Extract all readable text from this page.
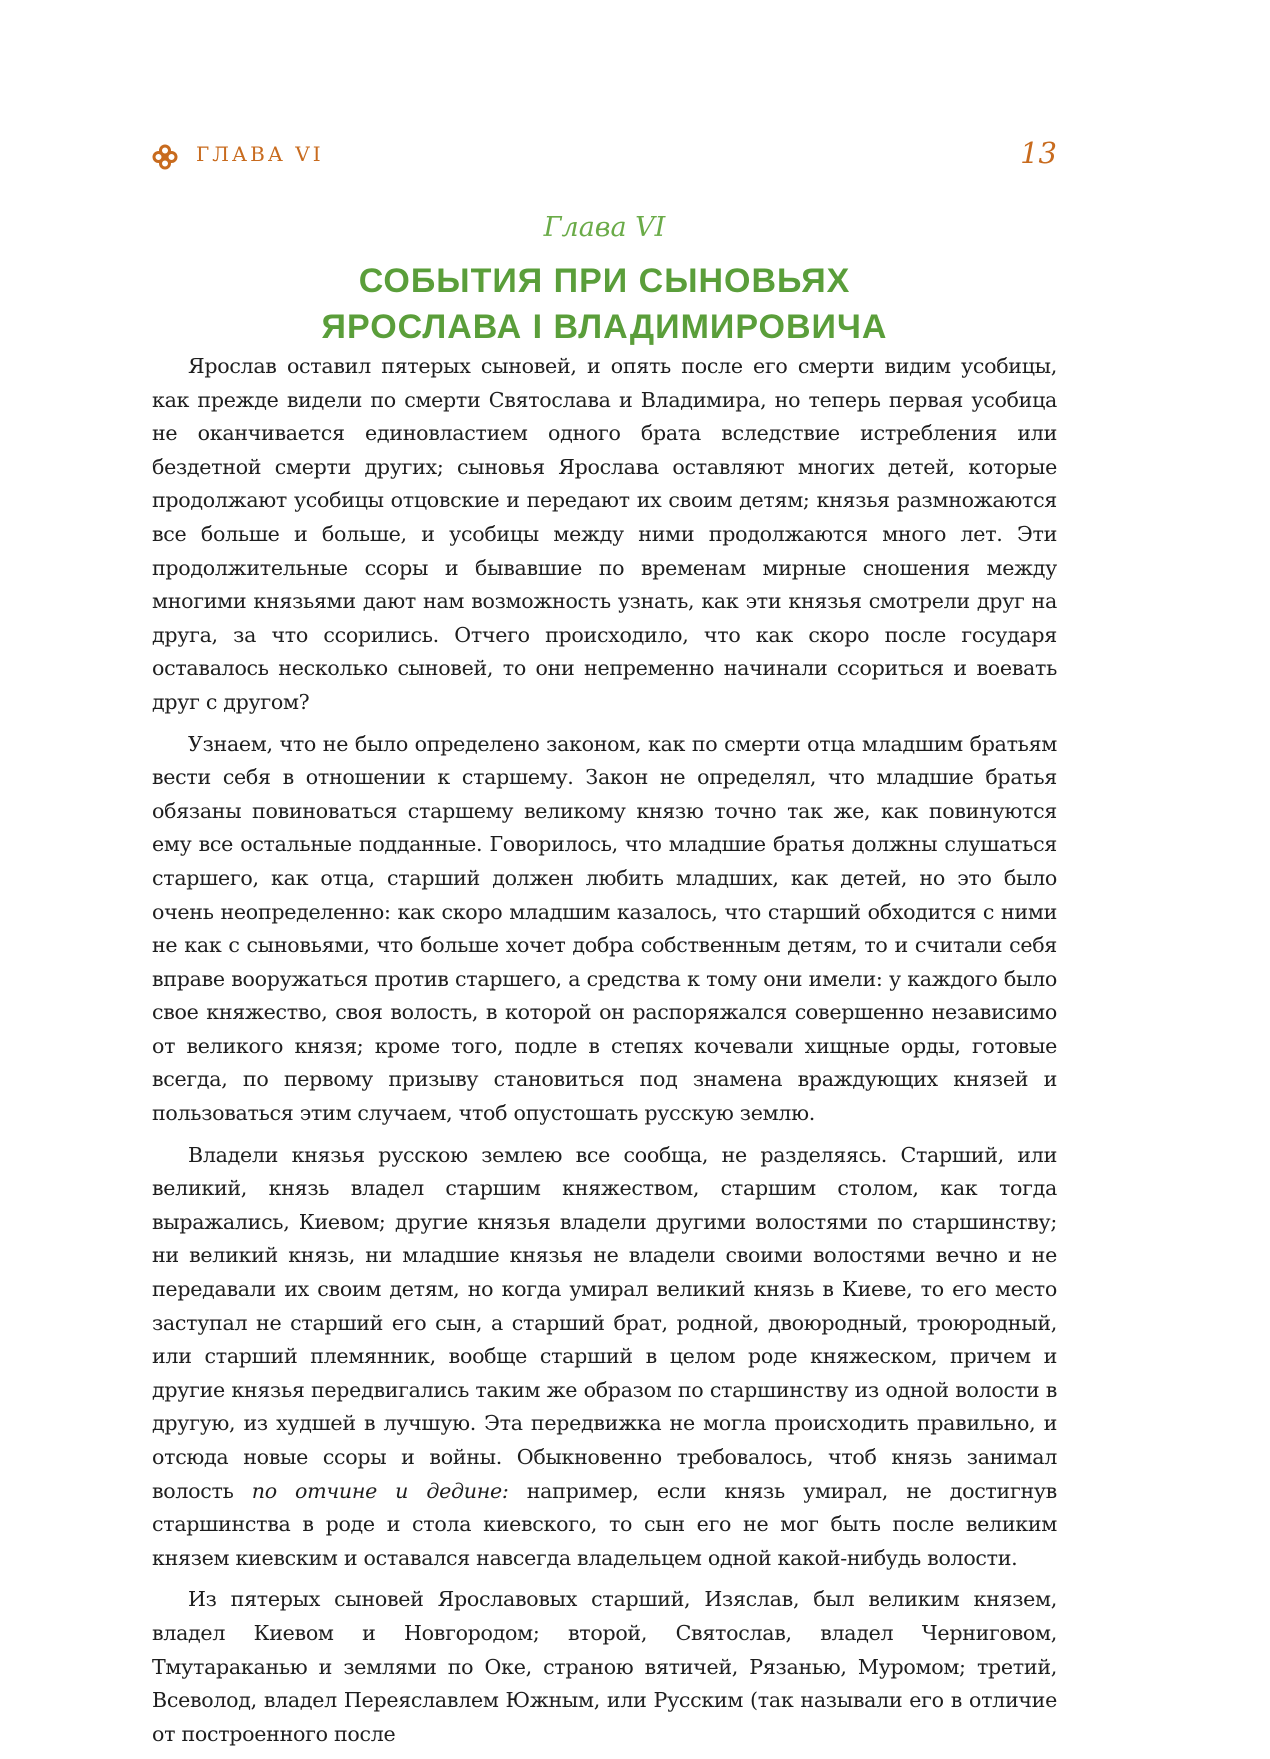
ГЛАВА VI	13
Глава VI
СОБЫТИЯ ПРИ СЫНОВЬЯХ
ЯРОСЛАВА I ВЛАДИМИРОВИЧА

Ярослав оставил пятерых сыновей, и опять после его смерти видим усобицы, как прежде видели по смерти Святослава и Владимира, но теперь первая усобица не оканчивается единовластием одного брата вследствие истребления или бездетной смерти других; сыновья Ярослава оставляют многих детей, которые продолжают усобицы отцовские и передают их своим детям; князья размножаются все больше и больше, и усобицы между ними продолжаются много лет. Эти продолжительные ссоры и бывавшие по временам мирные сношения между многими князьями дают нам возможность узнать, как эти князья смотрели друг на друга, за что ссорились. Отчего происходило, что как скоро после государя оставалось несколько сыновей, то они непременно начинали ссориться и воевать друг с другом?

Узнаем, что не было определено законом, как по смерти отца младшим братьям вести себя в отношении к старшему. Закон не определял, что младшие братья обязаны повиноваться старшему великому князю точно так же, как повинуются ему все остальные подданные. Говорилось, что младшие братья должны слушаться старшего, как отца, старший должен любить младших, как детей, но это было очень неопределенно: как скоро младшим казалось, что старший обходится с ними не как с сыновьями, что больше хочет добра собственным детям, то и считали себя вправе вооружаться против старшего, а средства к тому они имели: у каждого было свое княжество, своя волость, в которой он распоряжался совершенно независимо от великого князя; кроме того, подле в степях кочевали хищные орды, готовые всегда, по первому призыву становиться под знамена враждующих князей и пользоваться этим случаем, чтоб опустошать русскую землю.

Владели князья русскою землею все сообща, не разделяясь. Старший, или великий, князь владел старшим княжеством, старшим столом, как тогда выражались, Киевом; другие князья владели другими волостями по старшинству; ни великий князь, ни младшие князья не владели своими волостями вечно и не передавали их своим детям, но когда умирал великий князь в Киеве, то его место заступал не старший его сын, а старший брат, родной, двоюродный, троюродный, или старший племянник, вообще старший в целом роде княжеском, причем и другие князья передвигались таким же образом по старшинству из одной волости в другую, из худшей в лучшую. Эта передвижка не могла происходить правильно, и отсюда новые ссоры и войны. Обыкновенно требовалось, чтоб князь занимал волость по отчине и дедине: например, если князь умирал, не достигнув старшинства в роде и стола киевского, то сын его не мог быть после великим князем киевским и оставался навсегда владельцем одной какой-нибудь волости.

Из пятерых сыновей Ярославовых старший, Изяслав, был великим князем, владел Киевом и Новгородом; второй, Святослав, владел Черниговом, Тмутараканью и землями по Оке, страною вятичей, Рязанью, Муромом; третий, Всеволод, владел Переяславлем Южным, или Русским (так называли его в отличие от построенного после
